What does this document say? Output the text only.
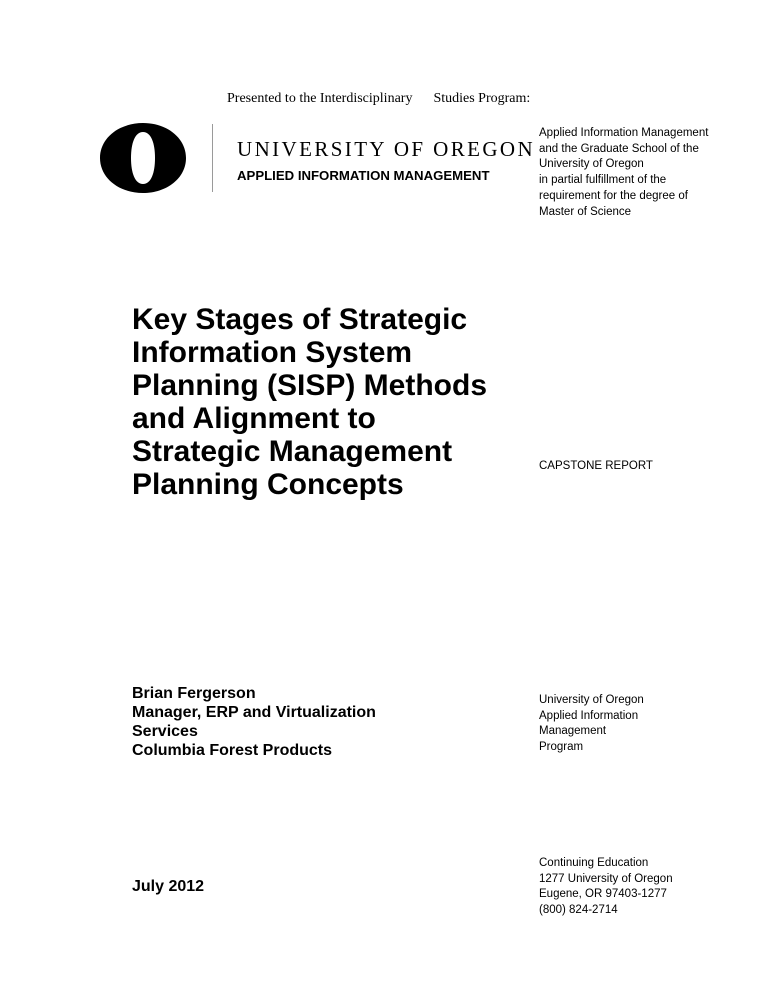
Presented to the Interdisciplinary      Studies Program:
UNIVERSITY OF OREGON
APPLIED INFORMATION MANAGEMENT
Applied Information Management
and the Graduate School of the
University of Oregon
in partial fulfillment of the
requirement for the degree of
Master of Science
Key Stages of Strategic
Information System
Planning (SISP) Methods
and Alignment to
Strategic Management
Planning Concepts
CAPSTONE REPORT
Brian Fergerson
Manager, ERP and Virtualization
Services
Columbia Forest Products
University of Oregon
Applied Information
Management
Program
July 2012
Continuing Education
1277 University of Oregon
Eugene, OR 97403-1277
(800) 824-2714
